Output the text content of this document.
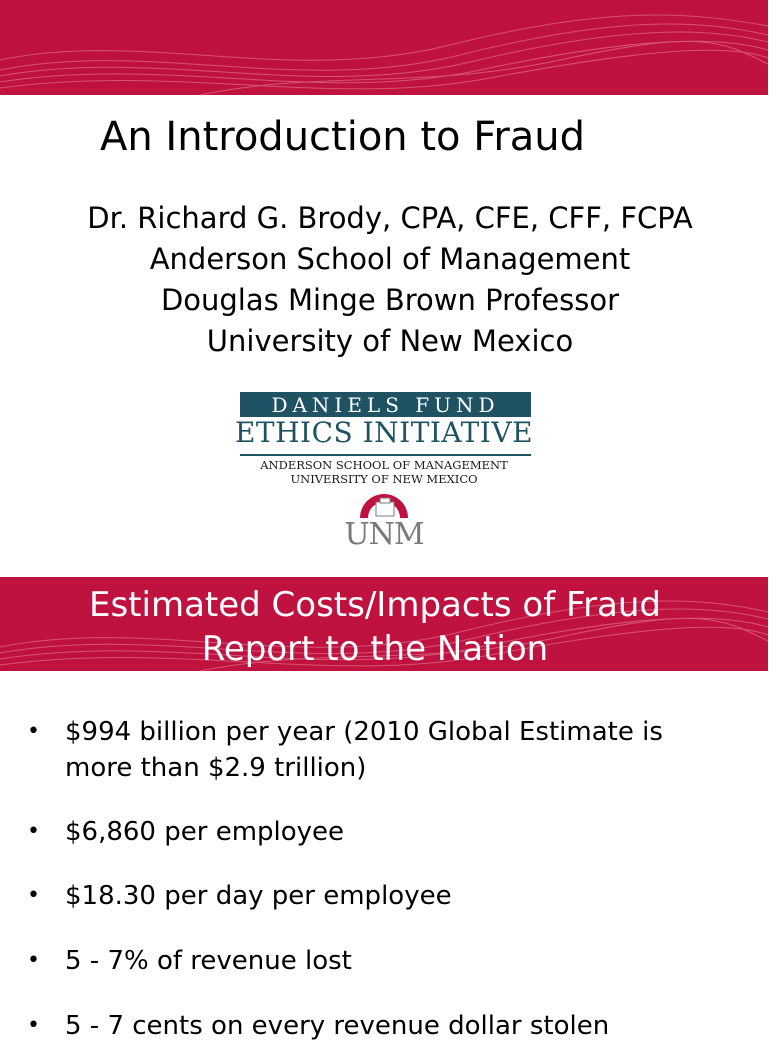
An Introduction to Fraud
Dr. Richard G. Brody, CPA, CFE, CFF, FCPA
Anderson School of Management
Douglas Minge Brown Professor
University of New Mexico
DANIELS FUND
ETHICS INITIATIVE
ANDERSON SCHOOL OF MANAGEMENT
UNIVERSITY OF NEW MEXICO
UNM
Estimated Costs/Impacts of Fraud
Report to the Nation
• $994 billion per year (2010 Global Estimate is more than $2.9 trillion)
• $6,860 per employee
• $18.30 per day per employee
• 5 - 7% of revenue lost
• 5 - 7 cents on every revenue dollar stolen
